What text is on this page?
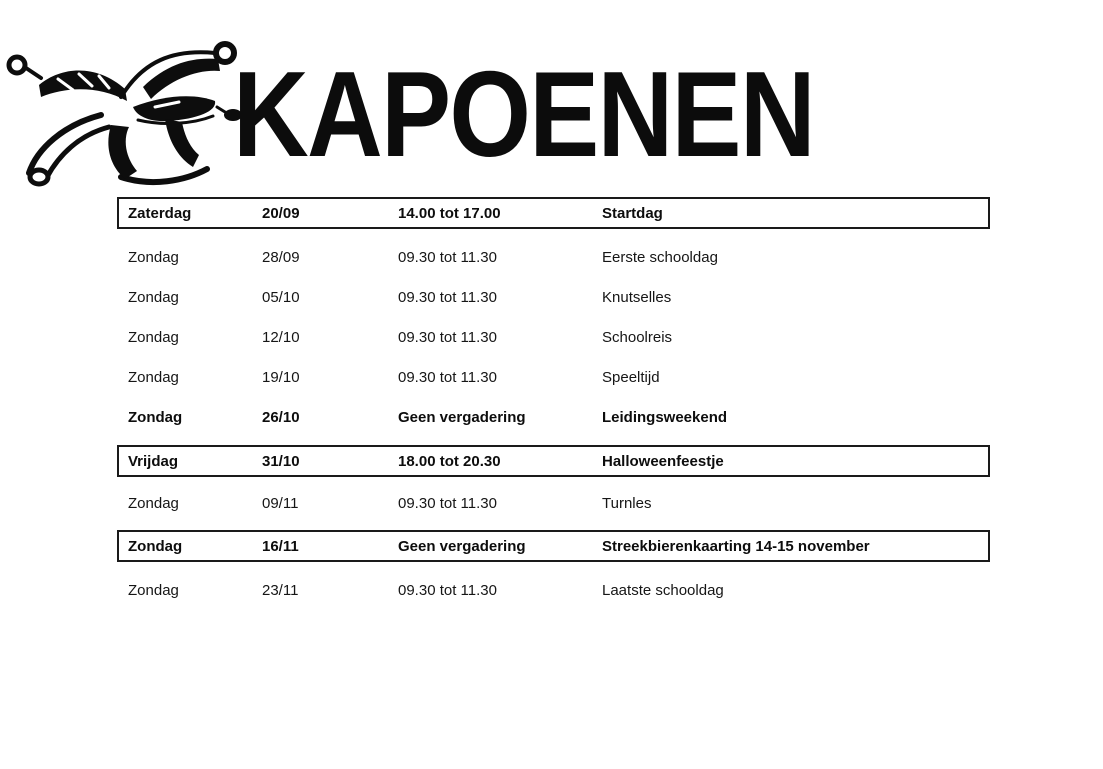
KAPOENEN
Zaterdag	20/09	14.00 tot 17.00	Startdag
Zondag	28/09	09.30 tot 11.30	Eerste schooldag
Zondag	05/10	09.30 tot 11.30	Knutselles
Zondag	12/10	09.30 tot 11.30	Schoolreis
Zondag	19/10	09.30 tot 11.30	Speeltijd
Zondag	26/10	Geen vergadering	Leidingsweekend
Vrijdag	31/10	18.00 tot 20.30	Halloweenfeestje
Zondag	09/11	09.30 tot 11.30	Turnles
Zondag	16/11	Geen vergadering	Streekbierenkaarting 14-15 november
Zondag	23/11	09.30 tot 11.30	Laatste schooldag
